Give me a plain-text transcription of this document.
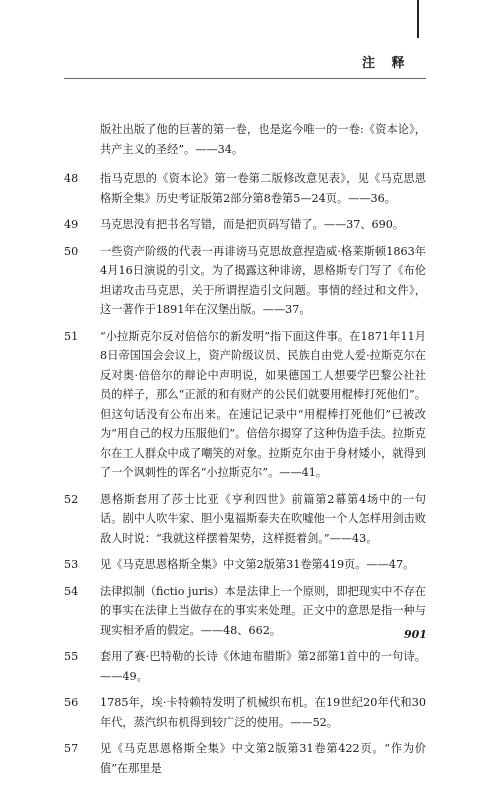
注 释
版社出版了他的巨著的第一卷，也是迄今唯一的一卷:《资本论》，共产主义的圣经”。——34。
48	指马克思的《资本论》第一卷第二版修改意见表》，见《马克思恩格斯全集》历史考证版第2部分第8卷第5—24页。——36。
49	马克思没有把书名写错，而是把页码写错了。——37、690。
50	一些资产阶级的代表一再诽谤马克思故意捏造威·格莱斯顿1863年4月16日演说的引文。为了揭露这种诽谤，恩格斯专门写了《布伦坦诺攻击马克思，关于所谓捏造引文问题。事情的经过和文件》，这一著作于1891年在汉堡出版。——37。
51	“小拉斯克尔反对倍倍尔的新发明”指下面这件事。在1871年11月8日帝国国会会议上，资产阶级议员、民族自由党人爱·拉斯克尔在反对奥·倍倍尔的辩论中声明说，如果德国工人想要学巴黎公社社员的样子，那么“正派的和有财产的公民们就要用棍棒打死他们”。但这句话没有公布出来。在速记记录中“用棍棒打死他们”已被改为“用自己的权力压服他们”。倍倍尔揭穿了这种伪造手法。拉斯克尔在工人群众中成了嘲笑的对象。拉斯克尔由于身材矮小，就得到了一个讽刺性的诨名“小拉斯克尔”。——41。
52	恩格斯套用了莎士比亚《亨利四世》前篇第2幕第4场中的一句话。剧中人吹牛家、胆小鬼福斯泰夫在吹嘘他一个人怎样用剑击败敌人时说：“我就这样摆着架势，这样挺着剑。”——43。
53	见《马克思恩格斯全集》中文第2版第31卷第419页。——47。
54	法律拟制（fictio juris）本是法律上一个原则，即把现实中不存在的事实在法律上当做存在的事实来处理。正文中的意思是指一种与现实相矛盾的假定。——48、662。
55	套用了赛·巴特勒的长诗《休迪布腊斯》第2部第1首中的一句诗。——49。
56	1785年，埃·卡特赖特发明了机械织布机。在19世纪20年代和30年代，蒸汽织布机得到较广泛的使用。——52。
57	见《马克思恩格斯全集》中文第2版第31卷第422页。“作为价值”在那里是
901
